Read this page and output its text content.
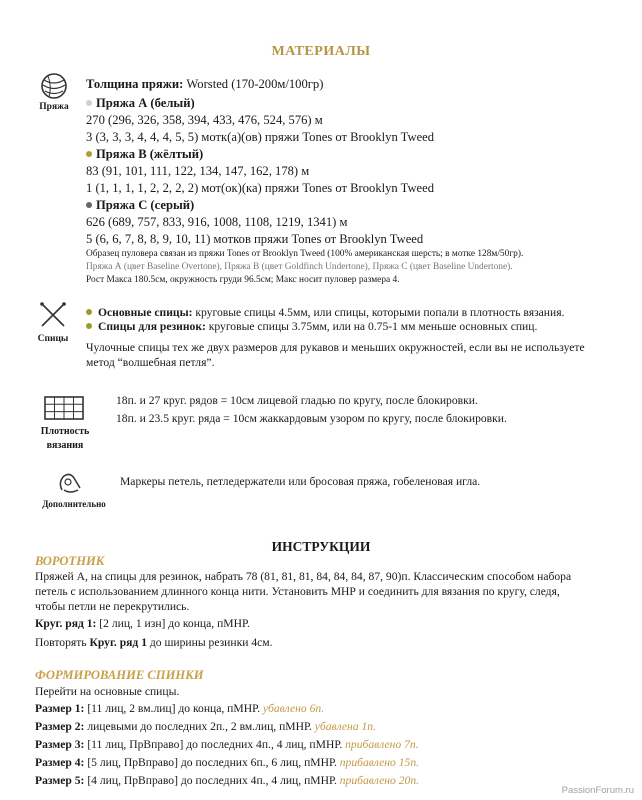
МАТЕРИАЛЫ
Пряжа
Толщина пряжи: Worsted (170-200м/100гр)
Пряжа А (белый)
270 (296, 326, 358, 394, 433, 476, 524, 576) м
3 (3, 3, 3, 4, 4, 4, 5, 5) мотк(а)(ов) пряжи Tones от Brooklyn Tweed
Пряжа В (жёлтый)
83 (91, 101, 111, 122, 134, 147, 162, 178) м
1 (1, 1, 1, 1, 2, 2, 2, 2) мот(ок)(ка) пряжи Tones от Brooklyn Tweed
Пряжа С (серый)
626 (689, 757, 833, 916, 1008, 1108, 1219, 1341) м
5 (6, 6, 7, 8, 8, 9, 10, 11) мотков пряжи Tones от Brooklyn Tweed
Образец пуловера связан из пряжи Tones от Brooklyn Tweed (100% американская шерсть; в мотке 128м/50гр).
Пряжа А (цвет Baseline Overtone), Пряжа В (цвет Goldfinch Undertone), Пряжа С (цвет Baseline Undertone).
Рост Макса 180.5см, окружность груди 96.5см; Макс носит пуловер размера 4.
Спицы
Основные спицы: круговые спицы 4.5мм, или спицы, которыми попали в плотность вязания.
Спицы для резинок: круговые спицы 3.75мм, или на 0.75-1 мм меньше основных спиц.
Чулочные спицы тех же двух размеров для рукавов и меньших окружностей, если вы не используете
метод “волшебная петля”.
Плотность
вязания
18п. и 27 круг. рядов = 10см лицевой гладью по кругу, после блокировки.
18п. и 23.5 круг. ряда = 10см жаккардовым узором по кругу, после блокировки.
Дополнительно
Маркеры петель, петледержатели или бросовая пряжа, гобеленовая игла.
ИНСТРУКЦИИ
ВОРОТНИК
Пряжей А, на спицы для резинок, набрать 78 (81, 81, 81, 84, 84, 84, 87, 90)п. Классическим способом набора
петель с использованием длинного конца нити. Установить МНР и соединить для вязания по кругу, следя,
чтобы петли не перекрутились.
Круг. ряд 1: [2 лиц, 1 изн] до конца, пМНР.
Повторять Круг. ряд 1 до ширины резинки 4см.
ФОРМИРОВАНИЕ СПИНКИ
Перейти на основные спицы.
Размер 1: [11 лиц, 2 вм.лиц] до конца, пМНР. убавлено 6п.
Размер 2: лицевыми до последних 2п., 2 вм.лиц, пМНР. убавлена 1п.
Размер 3: [11 лиц, ПрВправо] до последних 4п., 4 лиц, пМНР. прибавлено 7п.
Размер 4: [5 лиц, ПрВправо] до последних 6п., 6 лиц, пМНР. прибавлено 15п.
Размер 5: [4 лиц, ПрВправо] до последних 4п., 4 лиц, пМНР. прибавлено 20п.
PassionForum.ru
